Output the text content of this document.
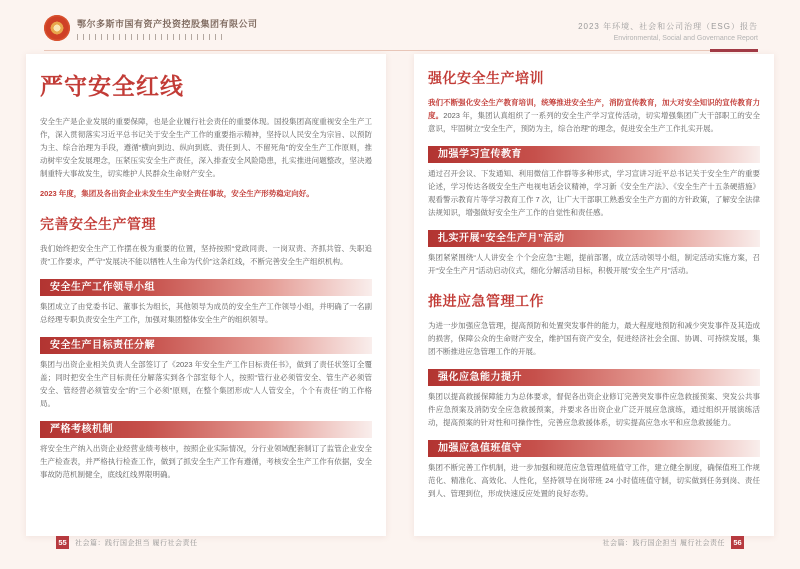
鄂尔多斯市国有资产投资控股集团有限公司	2023 年环境、社会和公司治理（ESG）报告
Environmental, Social and Governance Report
严守安全红线

安全生产是企业发展的重要保障，也是企业履行社会责任的重要体现。国投集团高度重视安全生产工作，深入贯彻落实习近平总书记关于安全生产工作的重要指示精神，坚持以人民安全为宗旨、以预防为主、综合治理为手段，遵循“横向到边、纵向到底、责任到人、不留死角”的安全生产工作原则，推动树牢安全发展理念，压紧压实安全生产责任，深入排查安全风险隐患，扎实推进问题整改，坚决遏制重特大事故发生，切实维护人民群众生命财产安全。

2023 年度，集团及各出资企业未发生生产安全责任事故，安全生产形势稳定向好。

完善安全生产管理

我们始终把安全生产工作摆在极为重要的位置，坚持按照“党政同责、一岗双责、齐抓共管、失职追责”工作要求，严守“发展决不能以牺牲人生命为代价”这条红线，不断完善安全生产组织机构。

安全生产工作领导小组

集团成立了由党委书记、董事长为组长，其他领导为成员的安全生产工作领导小组，并明确了一名副总经理专职负责安全生产工作，加强对集团整体安全生产的组织领导。

安全生产目标责任分解

集团与出资企业相关负责人全部签订了《2023 年安全生产工作目标责任书》，做到了责任状签订全覆盖；同时把安全生产目标责任分解落实到各个部室每个人，按照“管行业必须管安全、管生产必须管安全、管经营必须管安全”的“三个必须”原则，在整个集团形成“人人管安全，个个有责任”的工作格局。

严格考核机制

将安全生产纳入出资企业经营业绩考核中，按照企业实际情况，分行业领域配套制订了监管企业安全生产检查表，并严格执行检查工作，做到了抓安全生产工作有遵循，考核安全生产工作有依据，安全事故防范机制健全，底线红线界限明确。

强化安全生产培训

我们不断强化安全生产教育培训，统筹推进安全生产，消防宣传教育，加大对安全知识的宣传教育力度。2023 年，集团认真组织了一系列的安全生产学习宣传活动，切实增强集团广大干部职工的安全意识，牢固树立“安全生产，预防为主，综合治理”的理念，促进安全生产工作扎实开展。

加强学习宣传教育

通过召开会议、下发通知、利用微信工作群等多种形式，学习宣讲习近平总书记关于安全生产的重要论述，学习传达各级安全生产电视电话会议精神，学习新《安全生产法》、《安全生产十五条硬措施》观看警示教育片等学习教育工作 7 次，让广大干部职工熟悉安全生产方面的方针政策，了解安全法律法规知识，增强做好安全生产工作的自觉性和责任感。

扎实开展“安全生产月”活动

集团紧紧围绕“人人讲安全 个个会应急”主题，提前部署，成立活动领导小组，制定活动实施方案，召开“安全生产月”活动启动仪式，细化分解活动目标，积极开展“安全生产月”活动。

推进应急管理工作

为进一步加强应急管理，提高预防和处置突发事件的能力，最大程度地预防和减少突发事件及其造成的损害，保障公众的生命财产安全，维护国有资产安全，促进经济社会全面、协调、可持续发展，集团不断推进应急管理工作的开展。

强化应急能力提升

集团以提高救援保障能力为总体要求，督促各出资企业修订完善突发事件应急救援预案、突发公共事件应急预案及消防安全应急救援预案，并要求各出资企业广泛开展应急演练，通过组织开展演练活动，提高预案的针对性和可操作性，完善应急救援体系，切实提高应急水平和应急救援能力。

加强应急值班值守

集团不断完善工作机制，进一步加强和规范应急管理值班值守工作，建立健全制度，确保值班工作规范化、精准化、高效化、人性化，坚持领导在岗带班 24 小时值班值守制，切实做到任务到岗、责任到人、管理到位，形成快速反应处置的良好态势。

55	社会篇：践行国企担当 履行社会责任	社会篇：践行国企担当 履行社会责任	56
